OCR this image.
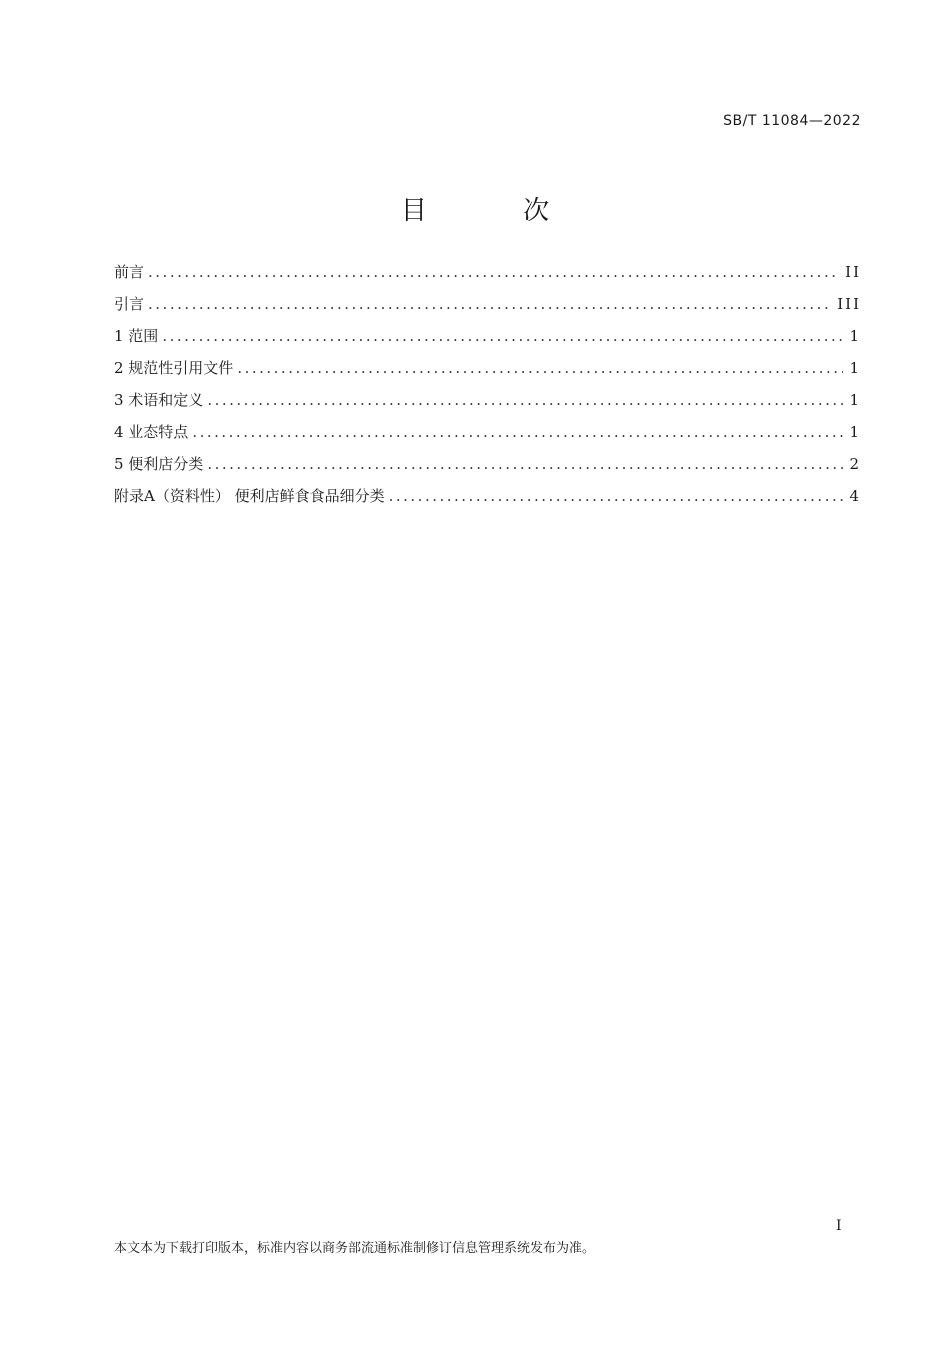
SB/T 11084—2022
目 次
前言 .....	II
引言 .....	III
1 范围 .....	1
2 规范性引用文件 .....	1
3 术语和定义 .....	1
4 业态特点 .....	1
5 便利店分类 .....	2
附录A（资料性） 便利店鲜食食品细分类 .....	4
I
本文本为下载打印版本，标准内容以商务部流通标准制修订信息管理系统发布为准。
